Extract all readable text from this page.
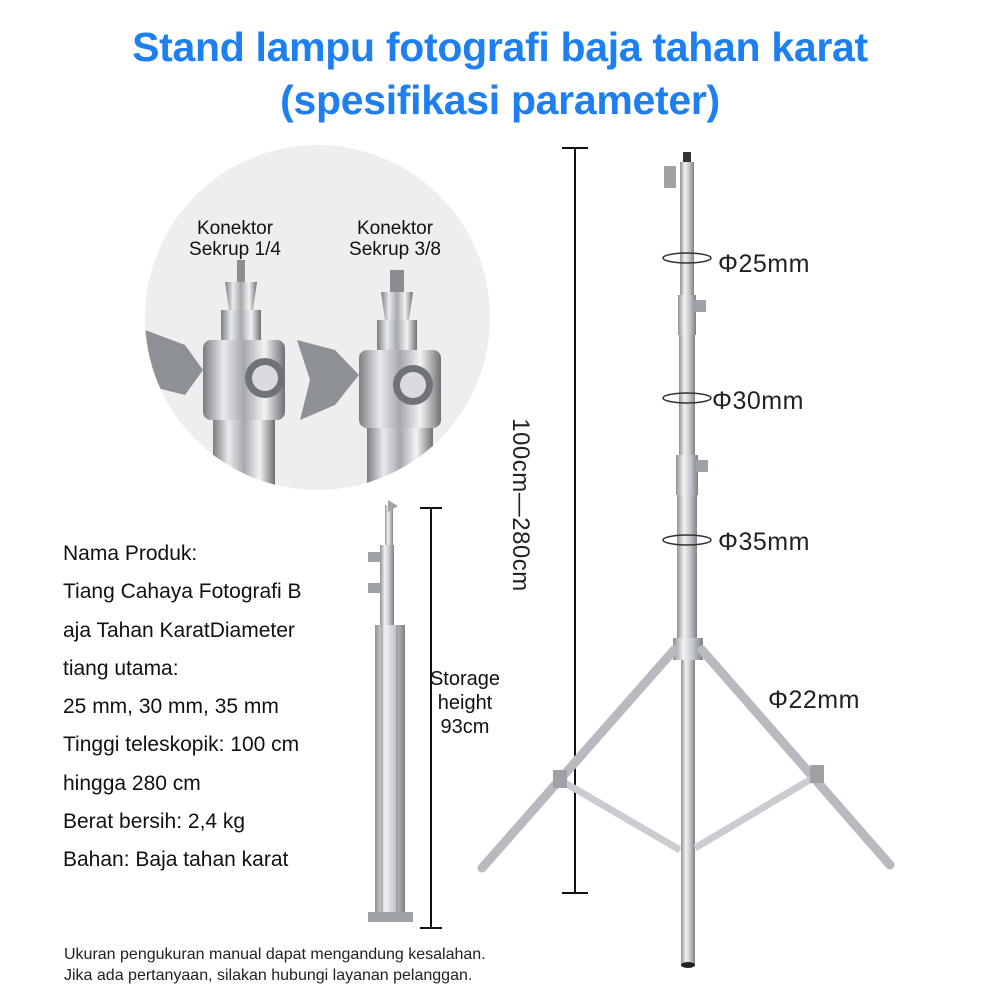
Stand lampu fotografi baja tahan karat
(spesifikasi parameter)
Konektor
Sekrup 1/4
Konektor
Sekrup 3/8
Nama Produk:
Tiang Cahaya Fotografi B
aja Tahan KaratDiameter
tiang utama:
25 mm, 30 mm, 35 mm
Tinggi teleskopik: 100 cm
hingga 280 cm
Berat bersih: 2,4 kg
Bahan: Baja tahan karat
Storage
height
93cm
100cm—280cm
Φ25mm
Φ30mm
Φ35mm
Φ22mm
Ukuran pengukuran manual dapat mengandung kesalahan.
Jika ada pertanyaan, silakan hubungi layanan pelanggan.
